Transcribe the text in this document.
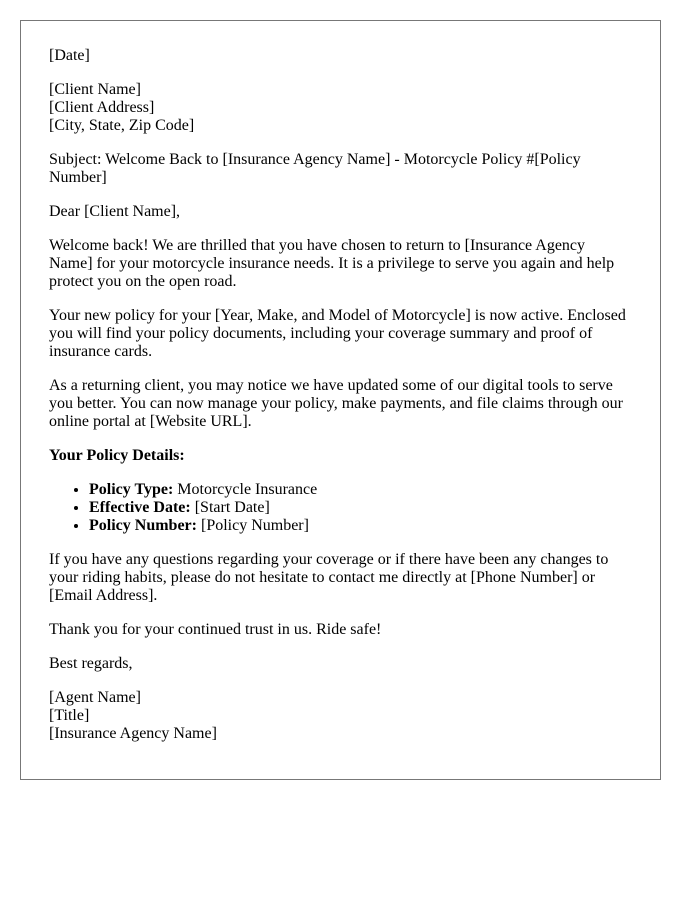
[Date]

[Client Name]
[Client Address]
[City, State, Zip Code]

Subject: Welcome Back to [Insurance Agency Name] - Motorcycle Policy #[Policy Number]

Dear [Client Name],

Welcome back! We are thrilled that you have chosen to return to [Insurance Agency Name] for your motorcycle insurance needs. It is a privilege to serve you again and help protect you on the open road.

Your new policy for your [Year, Make, and Model of Motorcycle] is now active. Enclosed you will find your policy documents, including your coverage summary and proof of insurance cards.

As a returning client, you may notice we have updated some of our digital tools to serve you better. You can now manage your policy, make payments, and file claims through our online portal at [Website URL].

Your Policy Details:

• Policy Type: Motorcycle Insurance
• Effective Date: [Start Date]
• Policy Number: [Policy Number]

If you have any questions regarding your coverage or if there have been any changes to your riding habits, please do not hesitate to contact me directly at [Phone Number] or [Email Address].

Thank you for your continued trust in us. Ride safe!

Best regards,

[Agent Name]
[Title]
[Insurance Agency Name]
